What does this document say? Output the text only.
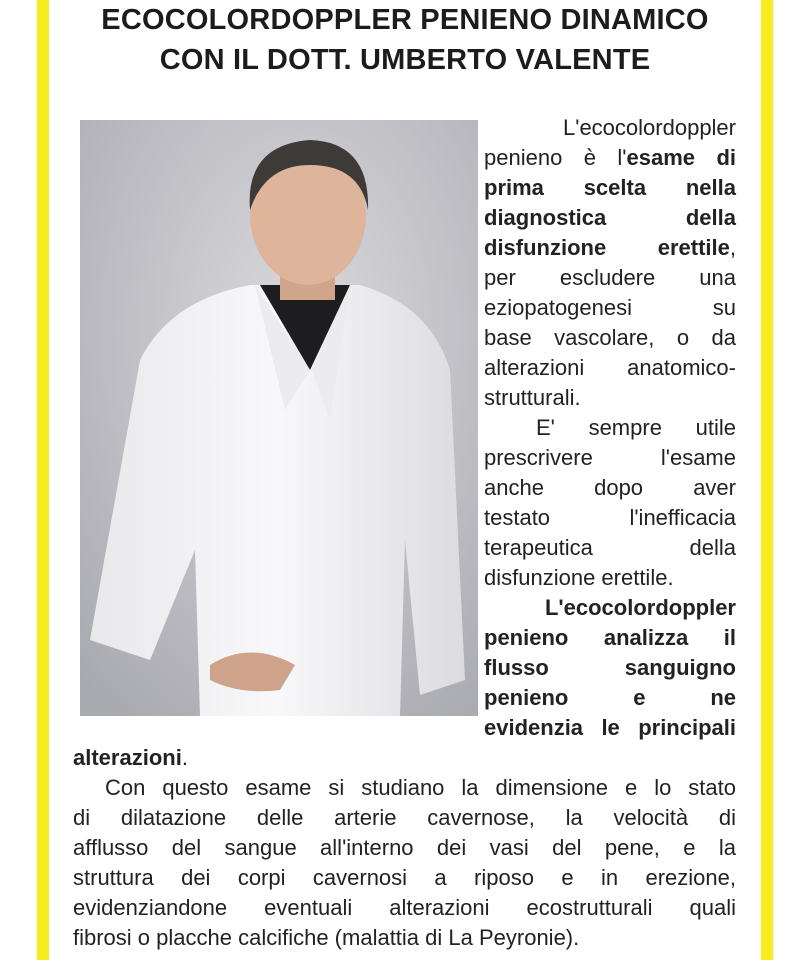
ECOCOLORDOPPLER PENIENO DINAMICO
CON IL DOTT. UMBERTO VALENTE
L'ecocolordoppler
penieno è l'esame di
prima scelta nella
diagnostica della
disfunzione erettile,
per escludere una
eziopatogenesi su
base vascolare, o da
alterazioni anatomico-
strutturali.
E' sempre utile
prescrivere l'esame
anche dopo aver
testato l'inefficacia
terapeutica della
disfunzione erettile.
L'ecocolordoppler
penieno analizza il
flusso sanguigno
penieno e ne
evidenzia le principali
alterazioni.
Con questo esame si studiano la dimensione e lo stato
di dilatazione delle arterie cavernose, la velocità di
afflusso del sangue all'interno dei vasi del pene, e la
struttura dei corpi cavernosi a riposo e in erezione,
evidenziandone eventuali alterazioni ecostrutturali quali
fibrosi o placche calcifiche (malattia di La Peyronie).
